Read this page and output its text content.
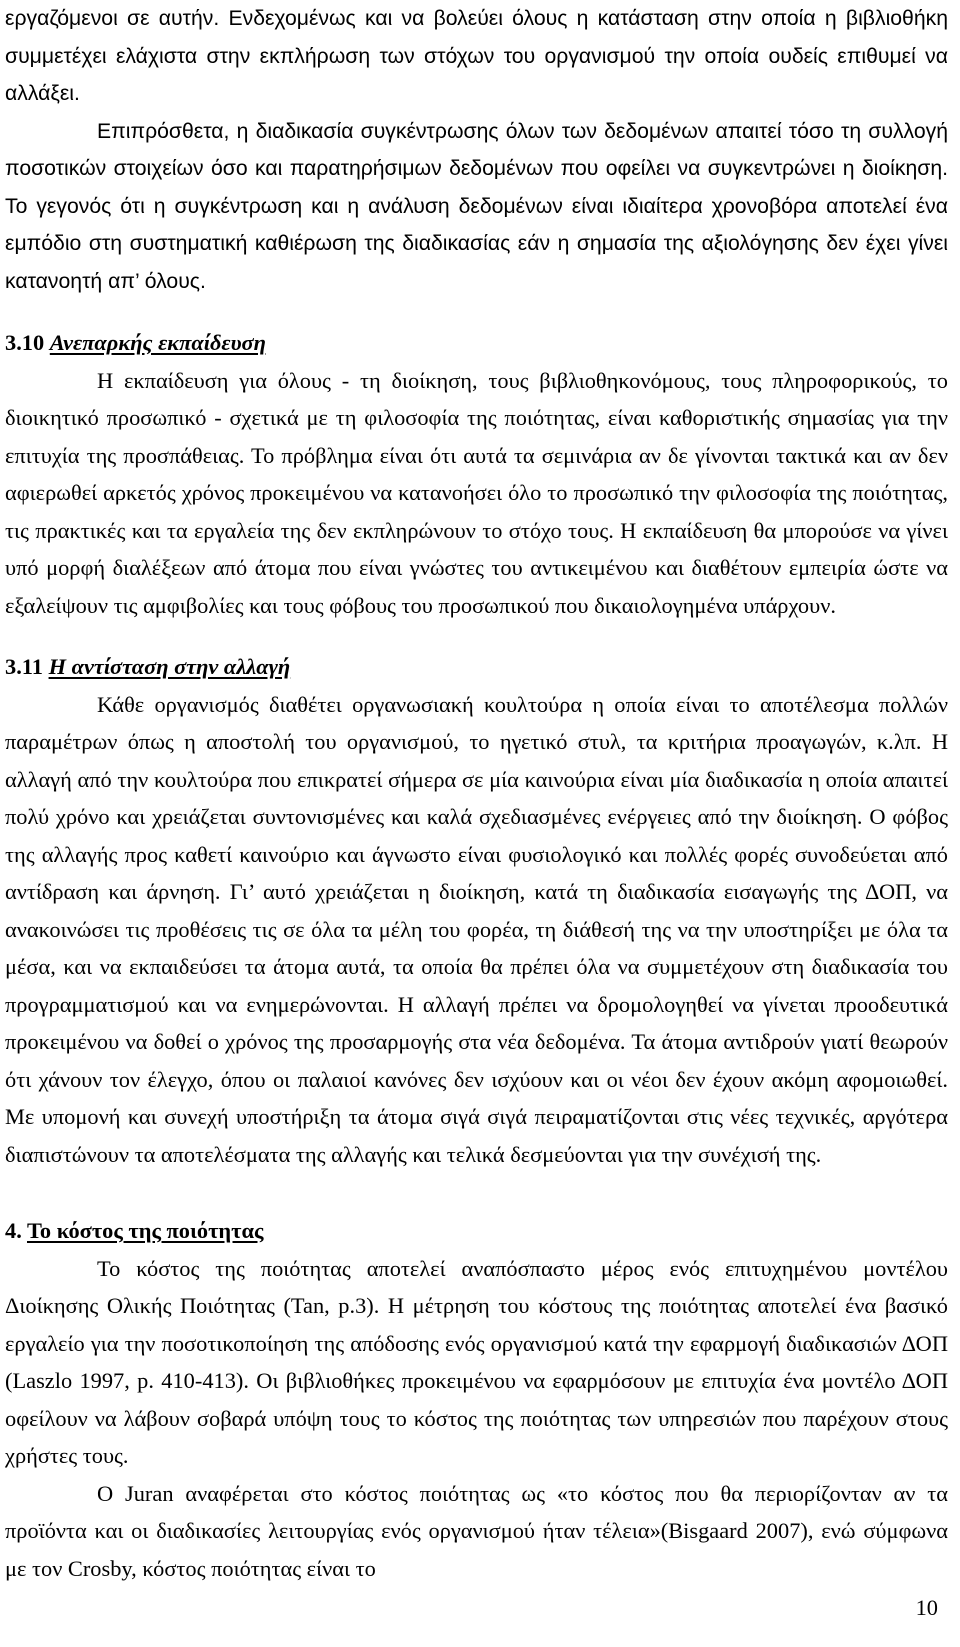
εργαζόμενοι σε αυτήν. Ενδεχομένως και να βολεύει όλους η κατάσταση στην οποία η βιβλιοθήκη συμμετέχει ελάχιστα στην εκπλήρωση των στόχων του οργανισμού την οποία ουδείς επιθυμεί να αλλάξει.

Επιπρόσθετα, η διαδικασία συγκέντρωσης όλων των δεδομένων απαιτεί τόσο τη συλλογή ποσοτικών στοιχείων όσο και παρατηρήσιμων δεδομένων που οφείλει να συγκεντρώνει η διοίκηση. Το γεγονός ότι η συγκέντρωση και η ανάλυση δεδομένων είναι ιδιαίτερα χρονοβόρα αποτελεί ένα εμπόδιο στη συστηματική καθιέρωση της διαδικασίας εάν η σημασία της αξιολόγησης δεν έχει γίνει κατανοητή απ’ όλους.

3.10 Ανεπαρκής εκπαίδευση

Η εκπαίδευση για όλους - τη διοίκηση, τους βιβλιοθηκονόμους, τους πληροφορικούς, το διοικητικό προσωπικό - σχετικά με τη φιλοσοφία της ποιότητας, είναι καθοριστικής σημασίας για την επιτυχία της προσπάθειας. Το πρόβλημα είναι ότι αυτά τα σεμινάρια αν δε γίνονται τακτικά και αν δεν αφιερωθεί αρκετός χρόνος προκειμένου να κατανοήσει όλο το προσωπικό την φιλοσοφία της ποιότητας, τις πρακτικές και τα εργαλεία της δεν εκπληρώνουν το στόχο τους. Η εκπαίδευση θα μπορούσε να γίνει υπό μορφή διαλέξεων από άτομα που είναι γνώστες του αντικειμένου και διαθέτουν εμπειρία ώστε να εξαλείψουν τις αμφιβολίες και τους φόβους του προσωπικού που δικαιολογημένα υπάρχουν.

3.11 Η αντίσταση στην αλλαγή

Κάθε οργανισμός διαθέτει οργανωσιακή κουλτούρα η οποία είναι το αποτέλεσμα πολλών παραμέτρων όπως η αποστολή του οργανισμού, το ηγετικό στυλ, τα κριτήρια προαγωγών, κ.λπ. Η αλλαγή από την κουλτούρα που επικρατεί σήμερα σε μία καινούρια είναι μία διαδικασία η οποία απαιτεί πολύ χρόνο και χρειάζεται συντονισμένες και καλά σχεδιασμένες ενέργειες από την διοίκηση. Ο φόβος της αλλαγής προς καθετί καινούριο και άγνωστο είναι φυσιολογικό και πολλές φορές συνοδεύεται από αντίδραση και άρνηση. Γι’ αυτό χρειάζεται η διοίκηση, κατά τη διαδικασία εισαγωγής της ΔΟΠ, να ανακοινώσει τις προθέσεις τις σε όλα τα μέλη του φορέα, τη διάθεσή της να την υποστηρίξει με όλα τα μέσα, και να εκπαιδεύσει τα άτομα αυτά, τα οποία θα πρέπει όλα να συμμετέχουν στη διαδικασία του προγραμματισμού και να ενημερώνονται. Η αλλαγή πρέπει να δρομολογηθεί να γίνεται προοδευτικά προκειμένου να δοθεί ο χρόνος της προσαρμογής στα νέα δεδομένα. Τα άτομα αντιδρούν γιατί θεωρούν ότι χάνουν τον έλεγχο, όπου οι παλαιοί κανόνες δεν ισχύουν και οι νέοι δεν έχουν ακόμη αφομοιωθεί. Με υπομονή και συνεχή υποστήριξη τα άτομα σιγά σιγά πειραματίζονται στις νέες τεχνικές, αργότερα διαπιστώνουν τα αποτελέσματα της αλλαγής και τελικά δεσμεύονται για την συνέχισή της.

4. Το κόστος της ποιότητας

Το κόστος της ποιότητας αποτελεί αναπόσπαστο μέρος ενός επιτυχημένου μοντέλου Διοίκησης Ολικής Ποιότητας (Tan, p.3). Η μέτρηση του κόστους της ποιότητας αποτελεί ένα βασικό εργαλείο για την ποσοτικοποίηση της απόδοσης ενός οργανισμού κατά την εφαρμογή διαδικασιών ΔΟΠ (Laszlo 1997, p. 410-413). Οι βιβλιοθήκες προκειμένου να εφαρμόσουν με επιτυχία ένα μοντέλο ΔΟΠ οφείλουν να λάβουν σοβαρά υπόψη τους το κόστος της ποιότητας των υπηρεσιών που παρέχουν στους χρήστες τους.

Ο Juran αναφέρεται στο κόστος ποιότητας ως «το κόστος που θα περιορίζονταν αν τα προϊόντα και οι διαδικασίες λειτουργίας ενός οργανισμού ήταν τέλεια»(Bisgaard 2007), ενώ σύμφωνα με τον Crosby, κόστος ποιότητας είναι το

10
